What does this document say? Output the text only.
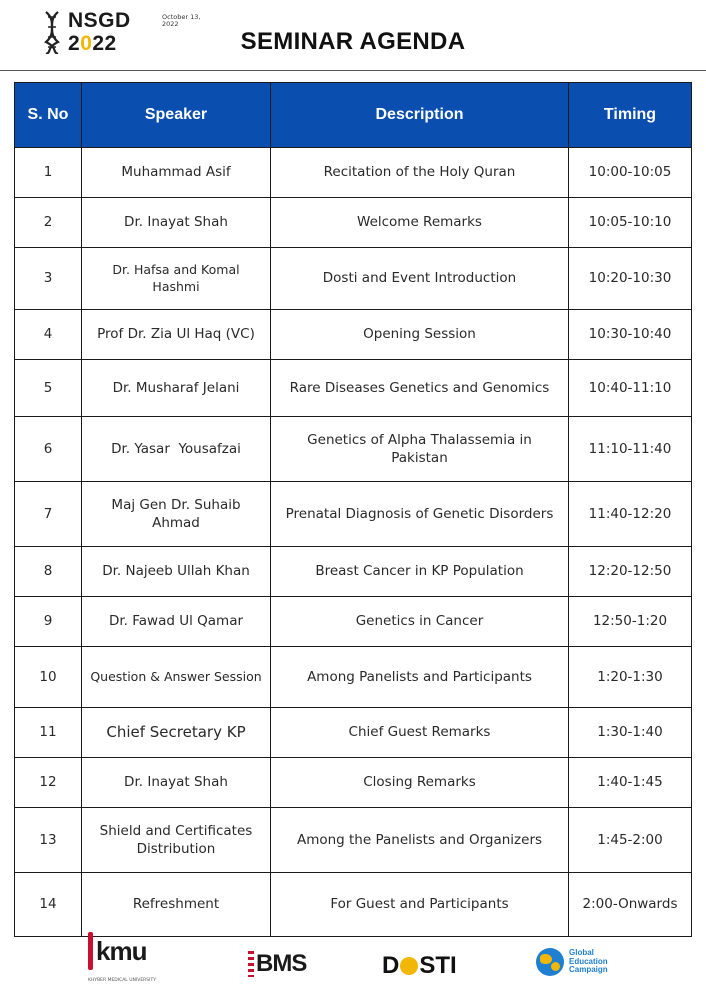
NSGD
2022
October 13, 2022
SEMINAR AGENDA
S. No	Speaker	Description	Timing
1	Muhammad Asif	Recitation of the Holy Quran	10:00-10:05
2	Dr. Inayat Shah	Welcome Remarks	10:05-10:10
3	Dr. Hafsa and Komal Hashmi	Dosti and Event Introduction	10:20-10:30
4	Prof Dr. Zia Ul Haq (VC)	Opening Session	10:30-10:40
5	Dr. Musharaf Jelani	Rare Diseases Genetics and Genomics	10:40-11:10
6	Dr. Yasar  Yousafzai	Genetics of Alpha Thalassemia in Pakistan	11:10-11:40
7	Maj Gen Dr. Suhaib Ahmad	Prenatal Diagnosis of Genetic Disorders	11:40-12:20
8	Dr. Najeeb Ullah Khan	Breast Cancer in KP Population	12:20-12:50
9	Dr. Fawad Ul Qamar	Genetics in Cancer	12:50-1:20
10	Question & Answer Session	Among Panelists and Participants	1:20-1:30
11	Chief Secretary KP	Chief Guest Remarks	1:30-1:40
12	Dr. Inayat Shah	Closing Remarks	1:40-1:45
13	Shield and Certificates Distribution	Among the Panelists and Organizers	1:45-2:00
14	Refreshment	For Guest and Participants	2:00-Onwards
kmu
KHYBER MEDICAL UNIVERSITY
BMS	D STI	Global Education Campaign
